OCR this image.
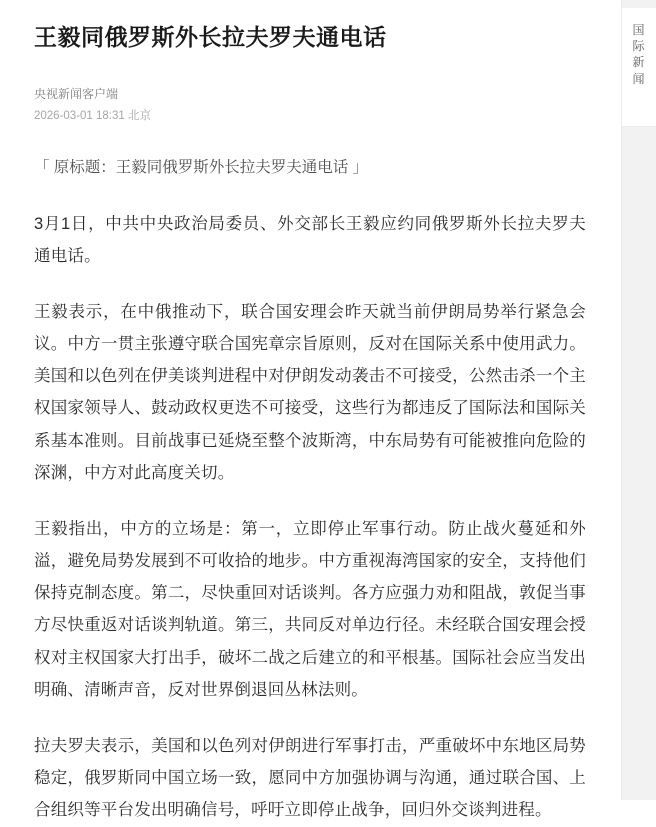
王毅同俄罗斯外长拉夫罗夫通电话
央视新闻客户端
2026-03-01 18:31 北京
「 原标题：王毅同俄罗斯外长拉夫罗夫通电话 」

3月1日，中共中央政治局委员、外交部长王毅应约同俄罗斯外长拉夫罗夫通电话。

王毅表示，在中俄推动下，联合国安理会昨天就当前伊朗局势举行紧急会议。中方一贯主张遵守联合国宪章宗旨原则，反对在国际关系中使用武力。美国和以色列在伊美谈判进程中对伊朗发动袭击不可接受，公然击杀一个主权国家领导人、鼓动政权更迭不可接受，这些行为都违反了国际法和国际关系基本准则。目前战事已延烧至整个波斯湾，中东局势有可能被推向危险的深渊，中方对此高度关切。

王毅指出，中方的立场是：第一，立即停止军事行动。防止战火蔓延和外溢，避免局势发展到不可收拾的地步。中方重视海湾国家的安全，支持他们保持克制态度。第二，尽快重回对话谈判。各方应强力劝和阻战，敦促当事方尽快重返对话谈判轨道。第三，共同反对单边行径。未经联合国安理会授权对主权国家大打出手，破坏二战之后建立的和平根基。国际社会应当发出明确、清晰声音，反对世界倒退回丛林法则。

拉夫罗夫表示，美国和以色列对伊朗进行军事打击，严重破坏中东地区局势稳定，俄罗斯同中国立场一致，愿同中方加强协调与沟通，通过联合国、上合组织等平台发出明确信号，呼吁立即停止战争，回归外交谈判进程。

国际新闻
